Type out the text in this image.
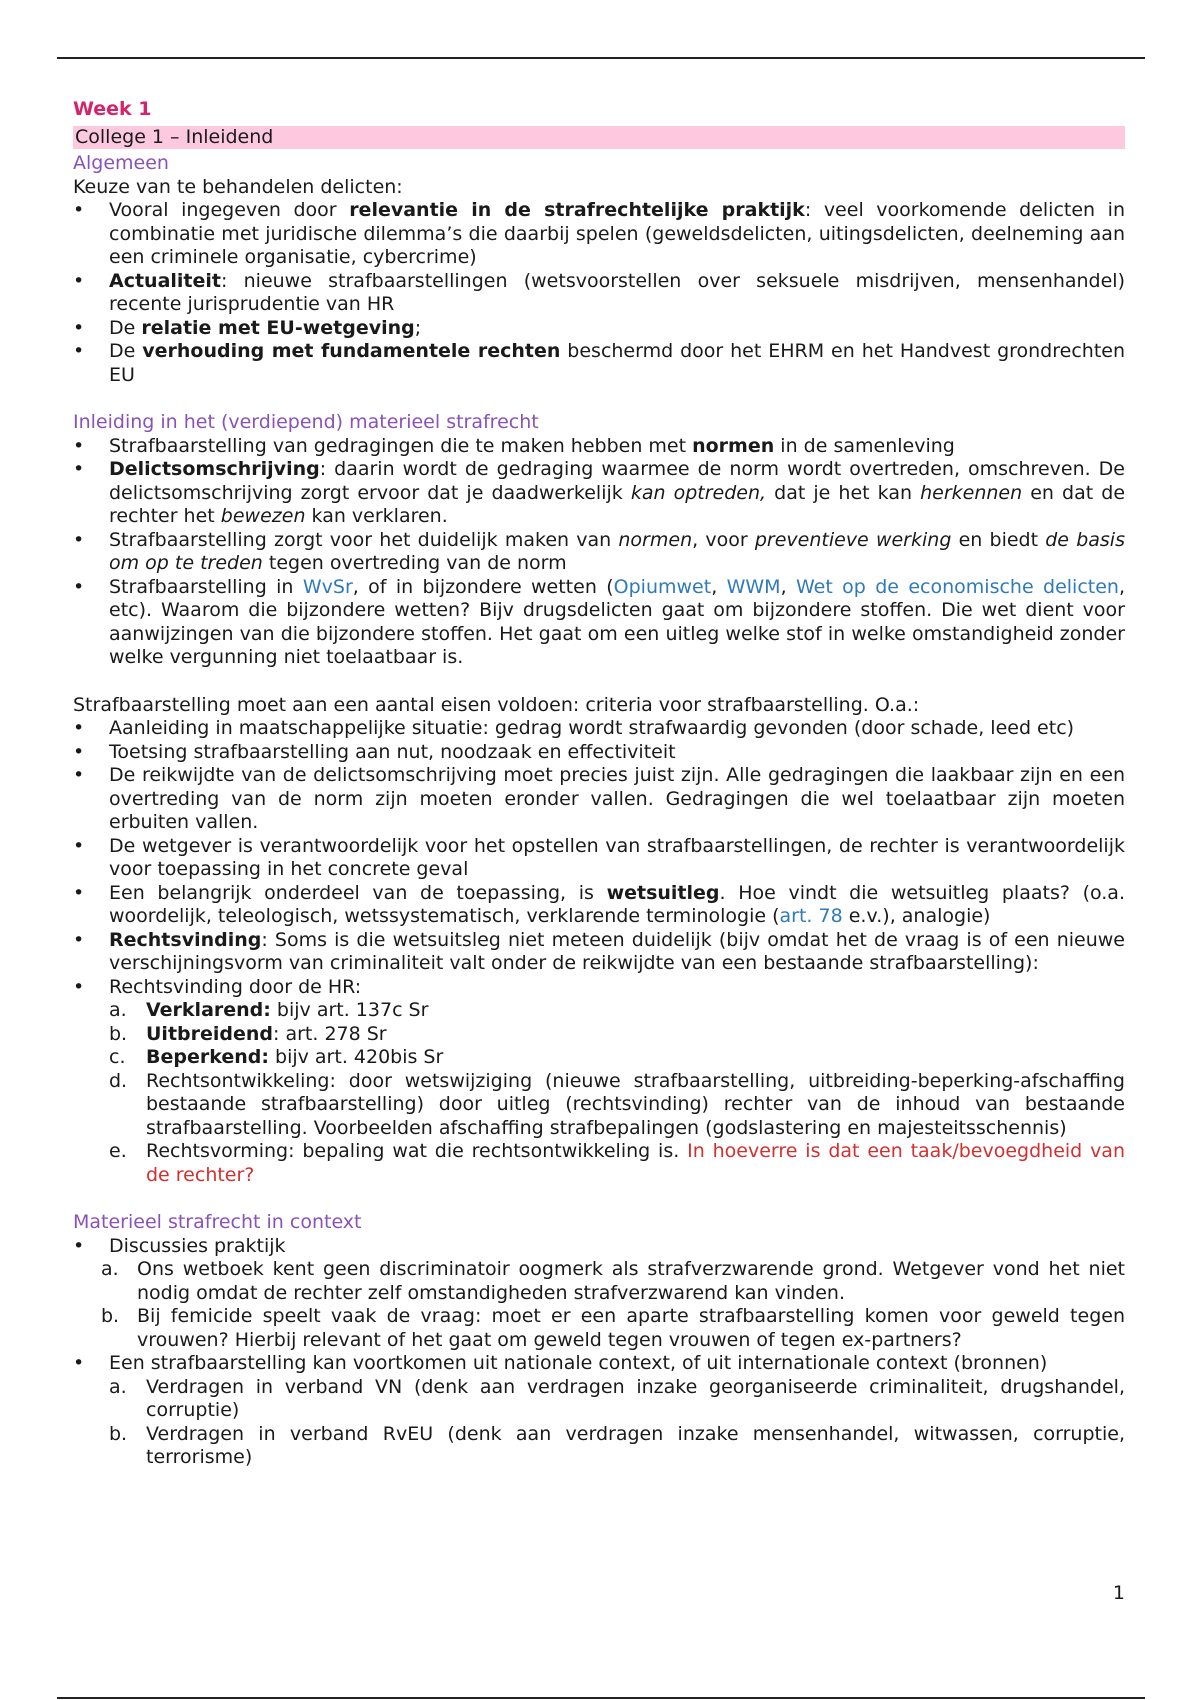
Week 1

College 1 – Inleidend

Algemeen

Keuze van te behandelen delicten:

• Vooral ingegeven door relevantie in de strafrechtelijke praktijk: veel voorkomende delicten in combinatie met juridische dilemma’s die daarbij spelen (geweldsdelicten, uitingsdelicten, deelneming aan een criminele organisatie, cybercrime)
• Actualiteit: nieuwe strafbaarstellingen (wetsvoorstellen over seksuele misdrijven, mensenhandel) recente jurisprudentie van HR
• De relatie met EU-wetgeving;
• De verhouding met fundamentele rechten beschermd door het EHRM en het Handvest grondrechten EU

Inleiding in het (verdiepend) materieel strafrecht

• Strafbaarstelling van gedragingen die te maken hebben met normen in de samenleving
• Delictsomschrijving: daarin wordt de gedraging waarmee de norm wordt overtreden, omschreven. De delictsomschrijving zorgt ervoor dat je daadwerkelijk kan optreden, dat je het kan herkennen en dat de rechter het bewezen kan verklaren.
• Strafbaarstelling zorgt voor het duidelijk maken van normen, voor preventieve werking en biedt de basis om op te treden tegen overtreding van de norm
• Strafbaarstelling in WvSr, of in bijzondere wetten (Opiumwet, WWM, Wet op de economische delicten, etc). Waarom die bijzondere wetten? Bijv drugsdelicten gaat om bijzondere stoffen. Die wet dient voor aanwijzingen van die bijzondere stoffen. Het gaat om een uitleg welke stof in welke omstandigheid zonder welke vergunning niet toelaatbaar is.

Strafbaarstelling moet aan een aantal eisen voldoen: criteria voor strafbaarstelling. O.a.:

• Aanleiding in maatschappelijke situatie: gedrag wordt strafwaardig gevonden (door schade, leed etc)
• Toetsing strafbaarstelling aan nut, noodzaak en effectiviteit
• De reikwijdte van de delictsomschrijving moet precies juist zijn. Alle gedragingen die laakbaar zijn en een overtreding van de norm zijn moeten eronder vallen. Gedragingen die wel toelaatbaar zijn moeten erbuiten vallen.
• De wetgever is verantwoordelijk voor het opstellen van strafbaarstellingen, de rechter is verantwoordelijk voor toepassing in het concrete geval
• Een belangrijk onderdeel van de toepassing, is wetsuitleg. Hoe vindt die wetsuitleg plaats? (o.a. woordelijk, teleologisch, wetssystematisch, verklarende terminologie (art. 78 e.v.), analogie)
• Rechtsvinding: Soms is die wetsuitsleg niet meteen duidelijk (bijv omdat het de vraag is of een nieuwe verschijningsvorm van criminaliteit valt onder de reikwijdte van een bestaande strafbaarstelling):
• Rechtsvinding door de HR:
a. Verklarend: bijv art. 137c Sr
b. Uitbreidend: art. 278 Sr
c. Beperkend: bijv art. 420bis Sr
d. Rechtsontwikkeling: door wetswijziging (nieuwe strafbaarstelling, uitbreiding-beperking-afschaffing bestaande strafbaarstelling) door uitleg (rechtsvinding) rechter van de inhoud van bestaande strafbaarstelling. Voorbeelden afschaffing strafbepalingen (godslastering en majesteitsschennis)
e. Rechtsvorming: bepaling wat die rechtsontwikkeling is. In hoeverre is dat een taak/bevoegdheid van de rechter?

Materieel strafrecht in context

• Discussies praktijk
a. Ons wetboek kent geen discriminatoir oogmerk als strafverzwarende grond. Wetgever vond het niet nodig omdat de rechter zelf omstandigheden strafverzwarend kan vinden.
b. Bij femicide speelt vaak de vraag: moet er een aparte strafbaarstelling komen voor geweld tegen vrouwen? Hierbij relevant of het gaat om geweld tegen vrouwen of tegen ex-partners?
• Een strafbaarstelling kan voortkomen uit nationale context, of uit internationale context (bronnen)
a. Verdragen in verband VN (denk aan verdragen inzake georganiseerde criminaliteit, drugshandel, corruptie)
b. Verdragen in verband RvEU (denk aan verdragen inzake mensenhandel, witwassen, corruptie, terrorisme)
1
